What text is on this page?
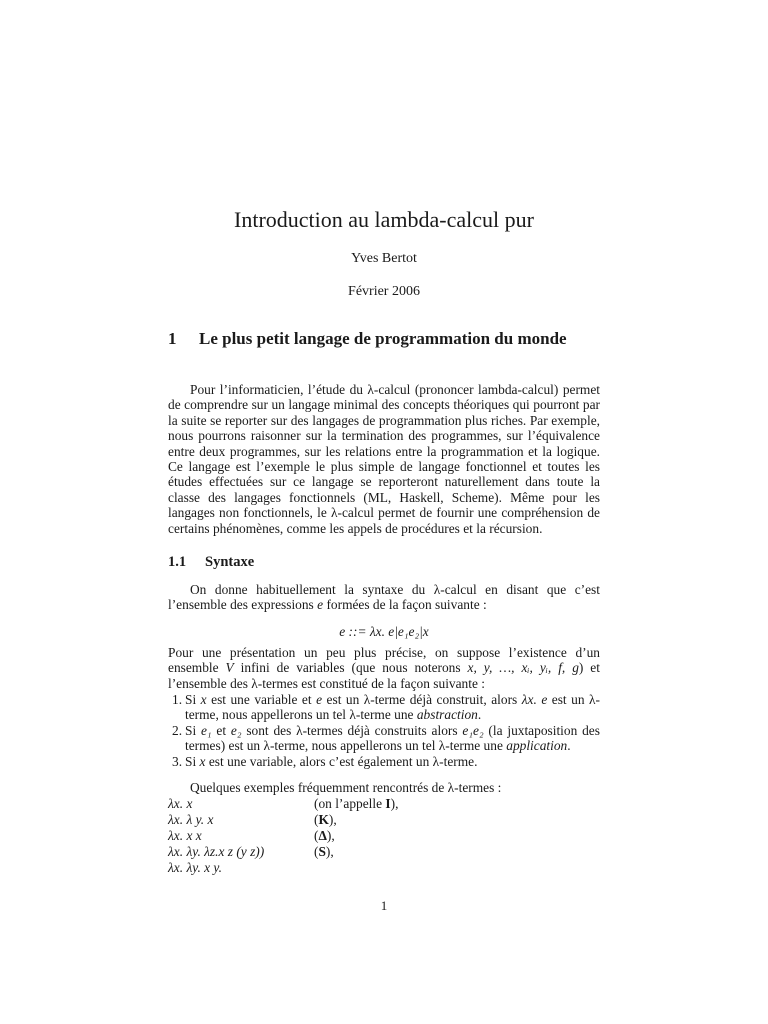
Introduction au lambda-calcul pur
Yves Bertot
Février 2006
1 Le plus petit langage de programmation du monde

Pour l’informaticien, l’étude du λ-calcul (prononcer lambda-calcul) permet de comprendre sur un langage minimal des concepts théoriques qui pourront par la suite se reporter sur des langages de programmation plus riches. Par exemple, nous pourrons raisonner sur la termination des programmes, sur l’équivalence entre deux programmes, sur les relations entre la programmation et la logique. Ce langage est l’exemple le plus simple de langage fonctionnel et toutes les études effectuées sur ce langage se reporteront naturellement dans toute la classe des langages fonctionnels (ML, Haskell, Scheme). Même pour les langages non fonctionnels, le λ-calcul permet de fournir une compréhension de certains phénomènes, comme les appels de procédures et la récursion.

1.1 Syntaxe

On donne habituellement la syntaxe du λ-calcul en disant que c’est l’ensemble des expressions e formées de la façon suivante :

e ::= λx. e|e₁e₂|x

Pour une présentation un peu plus précise, on suppose l’existence d’un ensemble V infini de variables (que nous noterons x, y, …, xᵢ, yᵢ, f, g) et l’ensemble des λ-termes est constitué de la façon suivante :

1. Si x est une variable et e est un λ-terme déjà construit, alors λx. e est un λ-terme, nous appellerons un tel λ-terme une abstraction.
2. Si e₁ et e₂ sont des λ-termes déjà construits alors e₁e₂ (la juxtaposition des termes) est un λ-terme, nous appellerons un tel λ-terme une application.
3. Si x est une variable, alors c’est également un λ-terme.
Quelques exemples fréquemment rencontrés de λ-termes :
λx. x	(on l’appelle I),
λx. λ y. x	(K),
λx. x x	(Δ),
λx. λy. λz.x z (y z))	(S),
λx. λy. x y.
1
